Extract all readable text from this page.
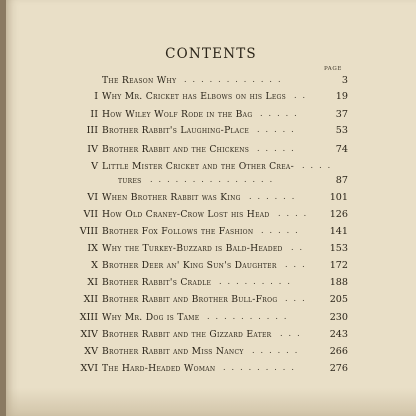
CONTENTS
PAGE
The Reason Why	3
............
I Why Mr. Cricket has Elbows on his Legs	19
..
II How Wiley Wolf Rode in the Bag	37
.....
III Brother Rabbit's Laughing-Place	53
.....
IV Brother Rabbit and the Chickens	74
.....
V Little Mister Cricket and the Other Crea- ....
tures	87
...............
VI When Brother Rabbit was King	101
......
VII How Old Craney-Crow Lost his Head	126
....
VIII Brother Fox Follows the Fashion	141
.....
IX Why the Turkey-Buzzard is Bald-Headed	153
..
X Brother Deer an' King Sun's Daughter	172
...
XI Brother Rabbit's Cradle	188
.........
XII Brother Rabbit and Brother Bull-Frog	205
...
XIII Why Mr. Dog is Tame	230
..........
XIV Brother Rabbit and the Gizzard Eater	243
...
XV Brother Rabbit and Miss Nancy	266
......
XVI The Hard-Headed Woman	276
.........
